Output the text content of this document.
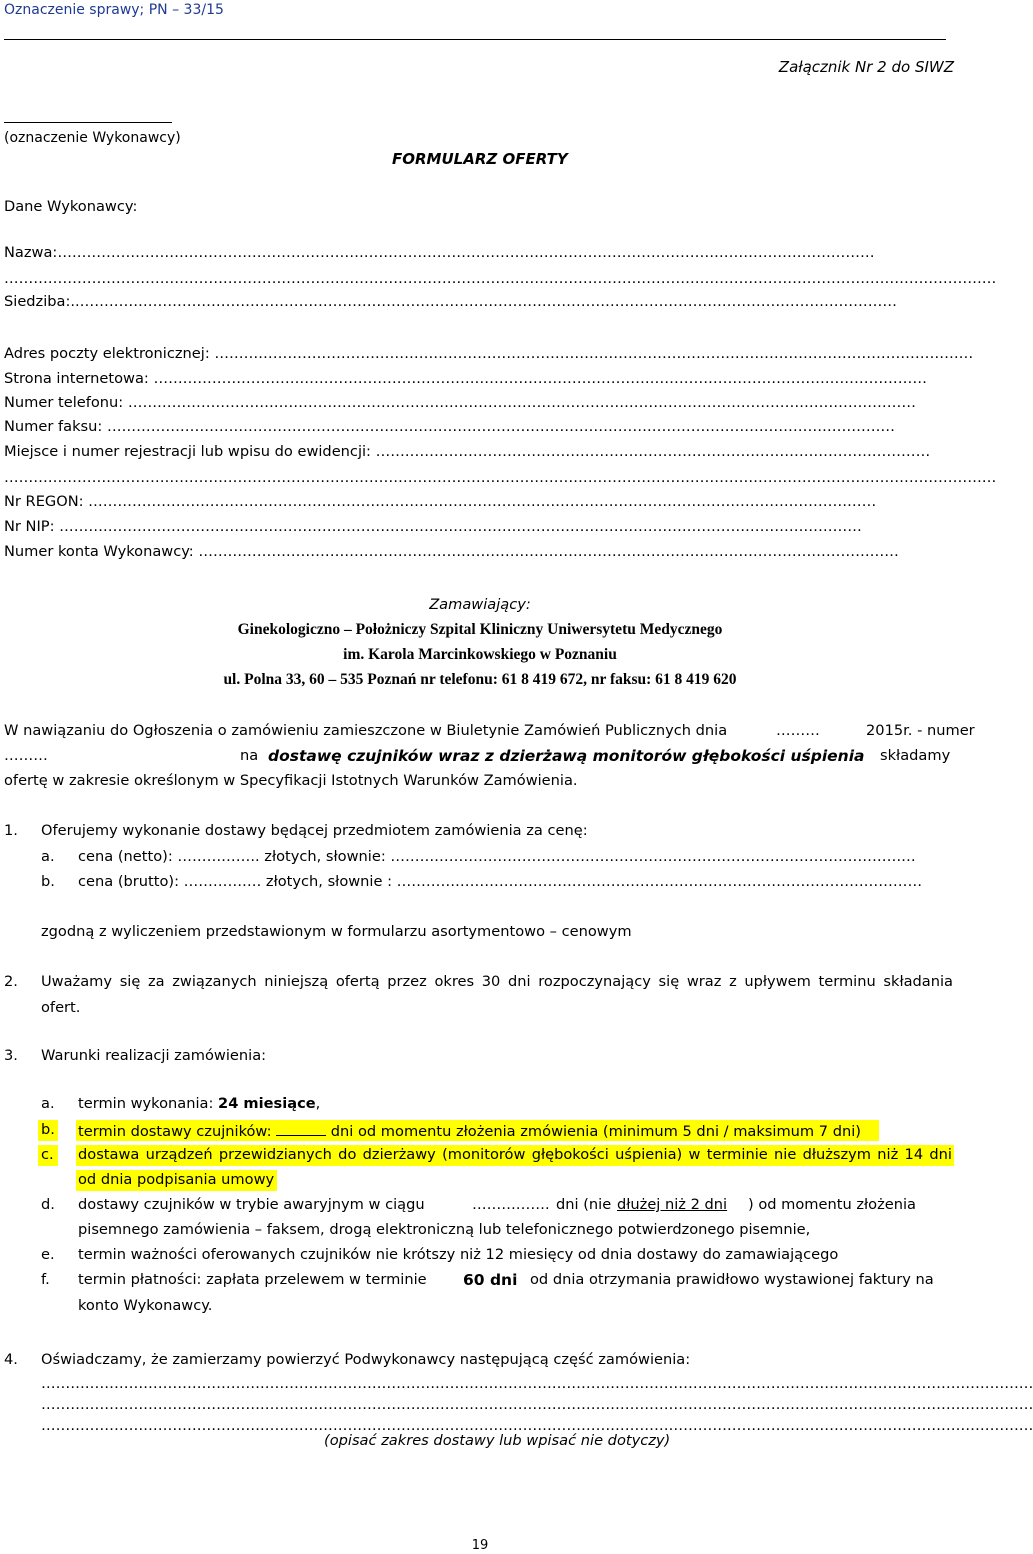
Oznaczenie sprawy; PN – 33/15
Załącznik Nr 2 do SIWZ
(oznaczenie Wykonawcy)
FORMULARZ OFERTY
Dane Wykonawcy:
Nazwa: ……………………………………………………………………………………………………………………………………………………
……………………………………………………………………………………………………………………………………………………………………………………
Siedziba: ..……………………………………………………………………………………………………………………………………………………
Adres poczty elektronicznej: …………………………………………………………………………………………………………………………………………
Strona internetowa: ……………………………………………………………………………………………………………………………………………
Numer telefonu: ………………………………………………………………………………………………………………………………………………
Numer faksu: ………………………………………………………………………………………………………………………………………………
Miejsce i numer rejestracji lub wpisu do ewidencji: ……………………………………………………………………………………………………
……………………………………………………………………………………………………………………………………………………………………………………
Nr REGON: ………………………………………………………………………………………………………………………………………………
Nr NIP: …………………………………………………………………………………………………………………………………………………
Numer konta Wykonawcy: ………………………………………………………………………………………………………………………………
Zamawiający:
Ginekologiczno – Położniczy Szpital Kliniczny Uniwersytetu Medycznego
im. Karola Marcinkowskiego w Poznaniu
ul. Polna 33, 60 – 535 Poznań nr telefonu: 61 8 419 672, nr faksu: 61 8 419 620
W nawiązaniu do Ogłoszenia o zamówieniu zamieszczone w Biuletynie Zamówień Publicznych dnia	………	2015r. - numer
………	na dostawę czujników wraz z dzierżawą monitorów głębokości uśpienia składamy
ofertę w zakresie określonym w Specyfikacji Istotnych Warunków Zamówienia.
1. Oferujemy wykonanie dostawy będącej przedmiotem zamówienia za cenę:
a. cena (netto):
……………..
złotych, słownie: ………………………………………………………………………………………………
b. cena (brutto):
…………….
złotych, słownie : ………………………………………………………………………………………………
zgodną z wyliczeniem przedstawionym w formularzu asortymentowo – cenowym
2. Uważamy się za związanych niniejszą ofertą przez okres 30 dni rozpoczynający się wraz z upływem terminu składania
ofert.
3. Warunki realizacji zamówienia:
a. termin wykonania: 24 miesiące,
b. termin dostawy czujników:	dni od momentu złożenia zmówienia (minimum 5 dni / maksimum 7 dni)
c. dostawa urządzeń przewidzianych do dzierżawy (monitorów głębokości uśpienia) w terminie nie dłuższym niż 14 dni
od dnia podpisania umowy
d. dostawy czujników w trybie awaryjnym w ciągu	……………. dni (nie dłużej niż 2 dni ) od momentu złożenia
pisemnego zamówienia – faksem, drogą elektroniczną lub telefonicznego potwierdzonego pisemnie,
e. termin ważności oferowanych czujników nie krótszy niż 12 miesięcy od dnia dostawy do zamawiającego
f. termin płatności: zapłata przelewem w terminie 60 dni od dnia otrzymania prawidłowo wystawionej faktury na
konto Wykonawcy.
4. Oświadczamy, że zamierzamy powierzyć Podwykonawcy następującą część zamówienia:
……………………………………………………………………………………………………………………………………………………………………………………
……………………………………………………………………………………………………………………………………………………………………………………
……………………………………………………………………………………………………………………………………………………………………………………
(opisać zakres dostawy lub wpisać nie dotyczy)
19
